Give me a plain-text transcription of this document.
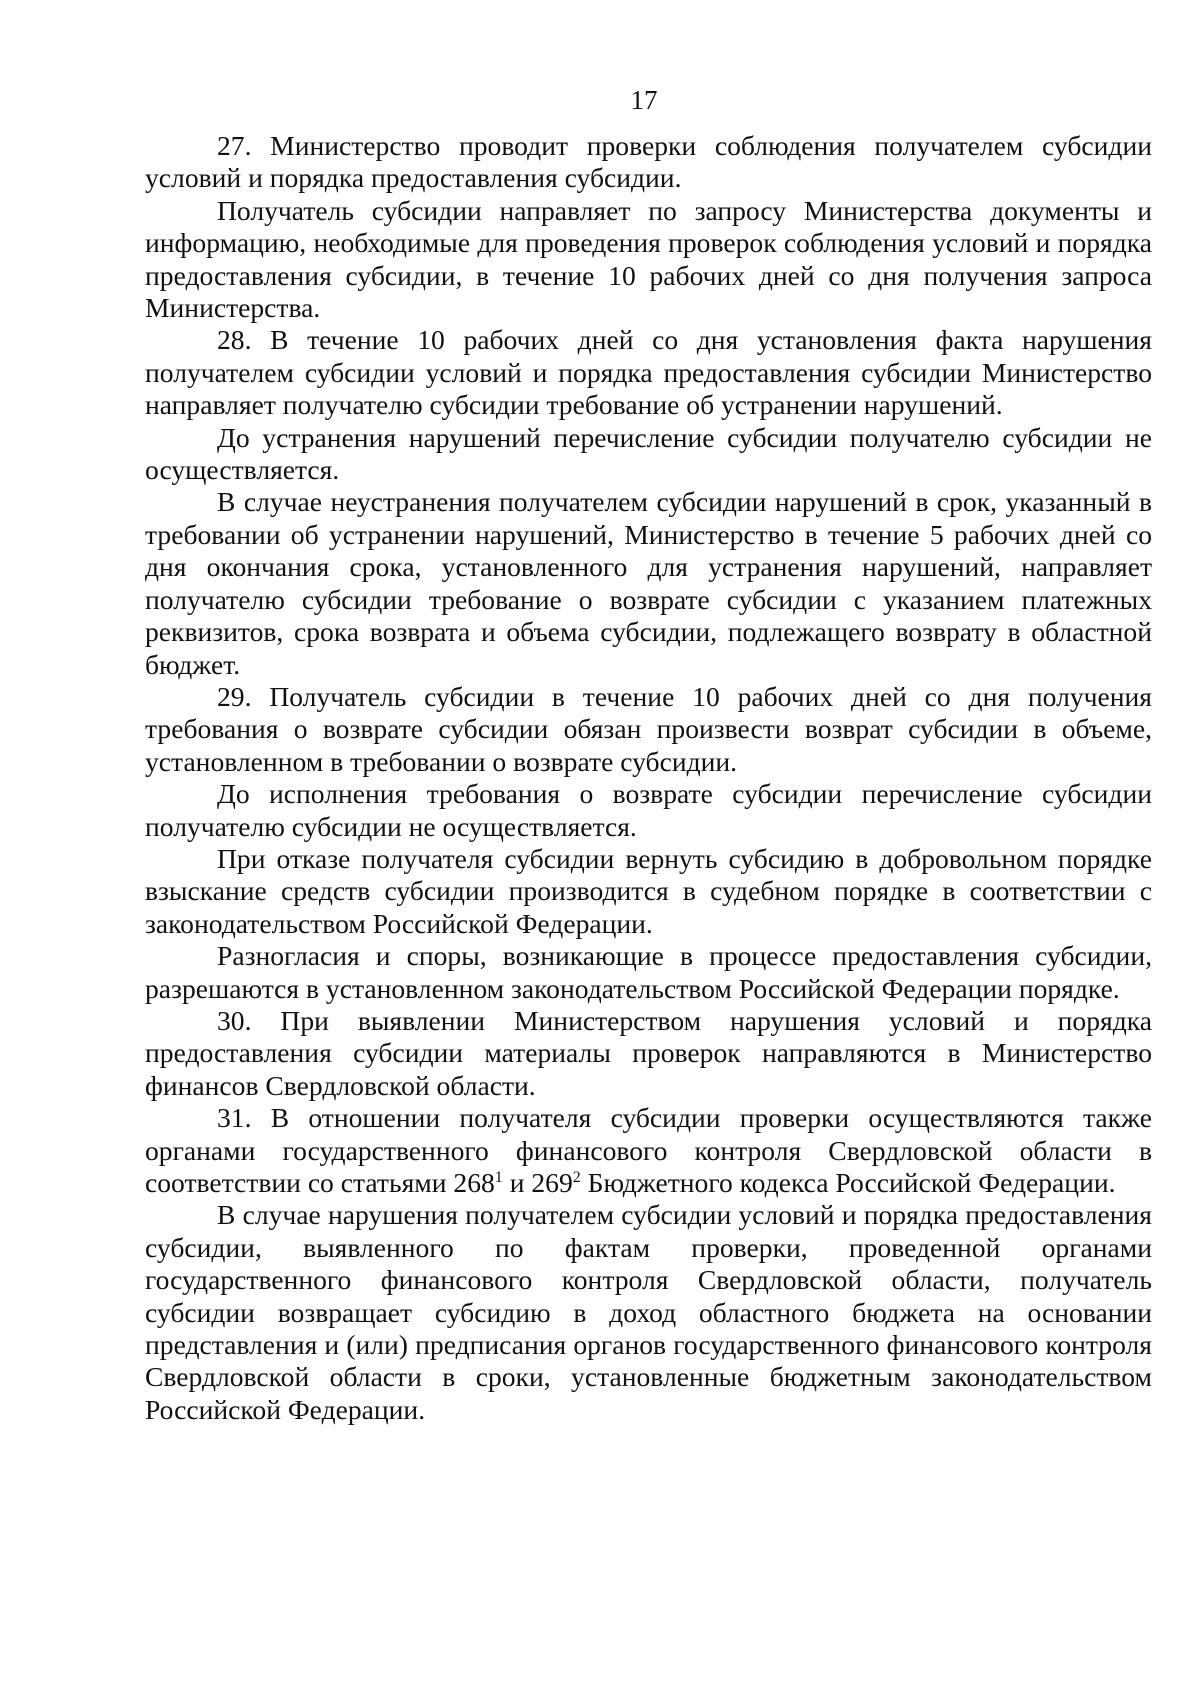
17

27. Министерство проводит проверки соблюдения получателем субсидии условий и порядка предоставления субсидии.

Получатель субсидии направляет по запросу Министерства документы и информацию, необходимые для проведения проверок соблюдения условий и порядка предоставления субсидии, в течение 10 рабочих дней со дня получения запроса Министерства.

28. В течение 10 рабочих дней со дня установления факта нарушения получателем субсидии условий и порядка предоставления субсидии Министерство направляет получателю субсидии требование об устранении нарушений.

До устранения нарушений перечисление субсидии получателю субсидии не осуществляется.

В случае неустранения получателем субсидии нарушений в срок, указанный в требовании об устранении нарушений, Министерство в течение 5 рабочих дней со дня окончания срока, установленного для устранения нарушений, направляет получателю субсидии требование о возврате субсидии с указанием платежных реквизитов, срока возврата и объема субсидии, подлежащего возврату в областной бюджет.

29. Получатель субсидии в течение 10 рабочих дней со дня получения требования о возврате субсидии обязан произвести возврат субсидии в объеме, установленном в требовании о возврате субсидии.

До исполнения требования о возврате субсидии перечисление субсидии получателю субсидии не осуществляется.

При отказе получателя субсидии вернуть субсидию в добровольном порядке взыскание средств субсидии производится в судебном порядке в соответствии с законодательством Российской Федерации.

Разногласия и споры, возникающие в процессе предоставления субсидии, разрешаются в установленном законодательством Российской Федерации порядке.

30. При выявлении Министерством нарушения условий и порядка предоставления субсидии материалы проверок направляются в Министерство финансов Свердловской области.

31. В отношении получателя субсидии проверки осуществляются также органами государственного финансового контроля Свердловской области в соответствии со статьями $268^1$ и $269^2$ Бюджетного кодекса Российской Федерации.

В случае нарушения получателем субсидии условий и порядка предоставления субсидии, выявленного по фактам проверки, проведенной органами государственного финансового контроля Свердловской области, получатель субсидии возвращает субсидию в доход областного бюджета на основании представления и (или) предписания органов государственного финансового контроля Свердловской области в сроки, установленные бюджетным законодательством Российской Федерации.
